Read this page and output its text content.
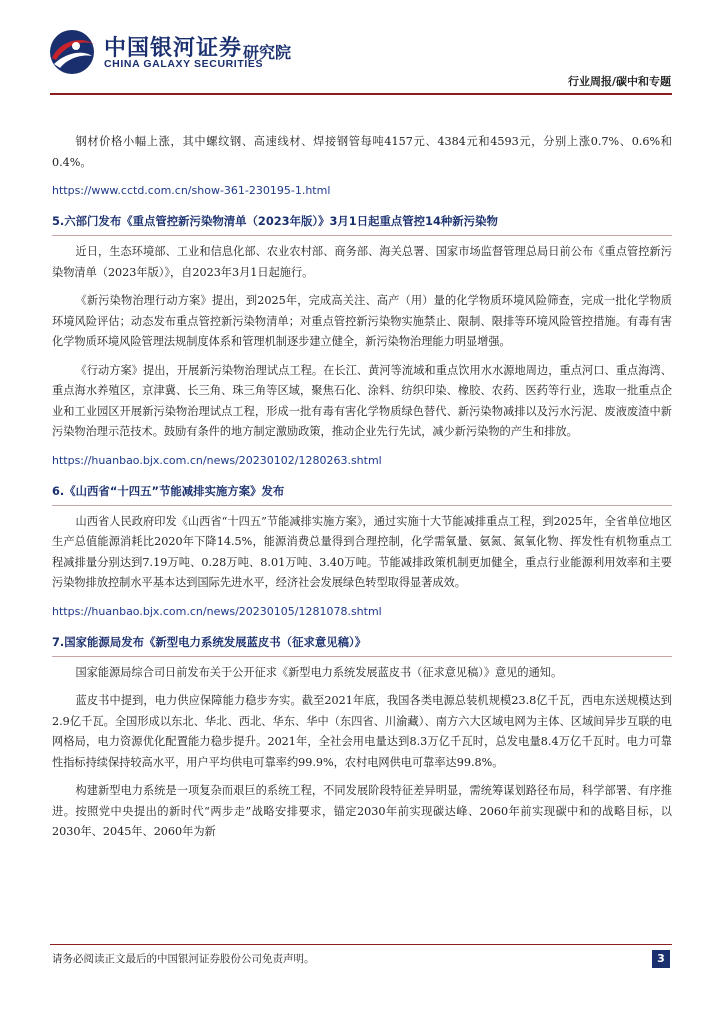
中国银河证券
CHINA GALAXY SECURITIES
研究院
行业周报/碳中和专题

钢材价格小幅上涨，其中螺纹钢、高速线材、焊接钢管每吨4157元、4384元和4593元，分别上涨0.7%、0.6%和0.4%。

https://www.cctd.com.cn/show-361-230195-1.html

5.六部门发布《重点管控新污染物清单（2023年版）》3月1日起重点管控14种新污染物

近日，生态环境部、工业和信息化部、农业农村部、商务部、海关总署、国家市场监督管理总局日前公布《重点管控新污染物清单（2023年版）》，自2023年3月1日起施行。

《新污染物治理行动方案》提出，到2025年，完成高关注、高产（用）量的化学物质环境风险筛查，完成一批化学物质环境风险评估；动态发布重点管控新污染物清单；对重点管控新污染物实施禁止、限制、限排等环境风险管控措施。有毒有害化学物质环境风险管理法规制度体系和管理机制逐步建立健全，新污染物治理能力明显增强。

《行动方案》提出，开展新污染物治理试点工程。在长江、黄河等流域和重点饮用水水源地周边，重点河口、重点海湾、重点海水养殖区，京津冀、长三角、珠三角等区域，聚焦石化、涂料、纺织印染、橡胶、农药、医药等行业，选取一批重点企业和工业园区开展新污染物治理试点工程，形成一批有毒有害化学物质绿色替代、新污染物减排以及污水污泥、废液废渣中新污染物治理示范技术。鼓励有条件的地方制定激励政策，推动企业先行先试，减少新污染物的产生和排放。

https://huanbao.bjx.com.cn/news/20230102/1280263.shtml

6.《山西省“十四五”节能减排实施方案》发布

山西省人民政府印发《山西省“十四五”节能减排实施方案》，通过实施十大节能减排重点工程，到2025年，全省单位地区生产总值能源消耗比2020年下降14.5%，能源消费总量得到合理控制，化学需氧量、氨氮、氮氧化物、挥发性有机物重点工程减排量分别达到7.19万吨、0.28万吨、8.01万吨、3.40万吨。节能减排政策机制更加健全，重点行业能源利用效率和主要污染物排放控制水平基本达到国际先进水平，经济社会发展绿色转型取得显著成效。

https://huanbao.bjx.com.cn/news/20230105/1281078.shtml

7.国家能源局发布《新型电力系统发展蓝皮书（征求意见稿）》

国家能源局综合司日前发布关于公开征求《新型电力系统发展蓝皮书（征求意见稿）》意见的通知。

蓝皮书中提到，电力供应保障能力稳步夯实。截至2021年底，我国各类电源总装机规模23.8亿千瓦，西电东送规模达到2.9亿千瓦。全国形成以东北、华北、西北、华东、华中（东四省、川渝藏）、南方六大区域电网为主体、区域间异步互联的电网格局，电力资源优化配置能力稳步提升。2021年，全社会用电量达到8.3万亿千瓦时，总发电量8.4万亿千瓦时。电力可靠性指标持续保持较高水平，用户平均供电可靠率约99.9%，农村电网供电可靠率达99.8%。

构建新型电力系统是一项复杂而艰巨的系统工程，不同发展阶段特征差异明显，需统筹谋划路径布局，科学部署、有序推进。按照党中央提出的新时代“两步走”战略安排要求，锚定2030年前实现碳达峰、2060年前实现碳中和的战略目标，以2030年、2045年、2060年为新

请务必阅读正文最后的中国银河证券股份公司免责声明。	3
